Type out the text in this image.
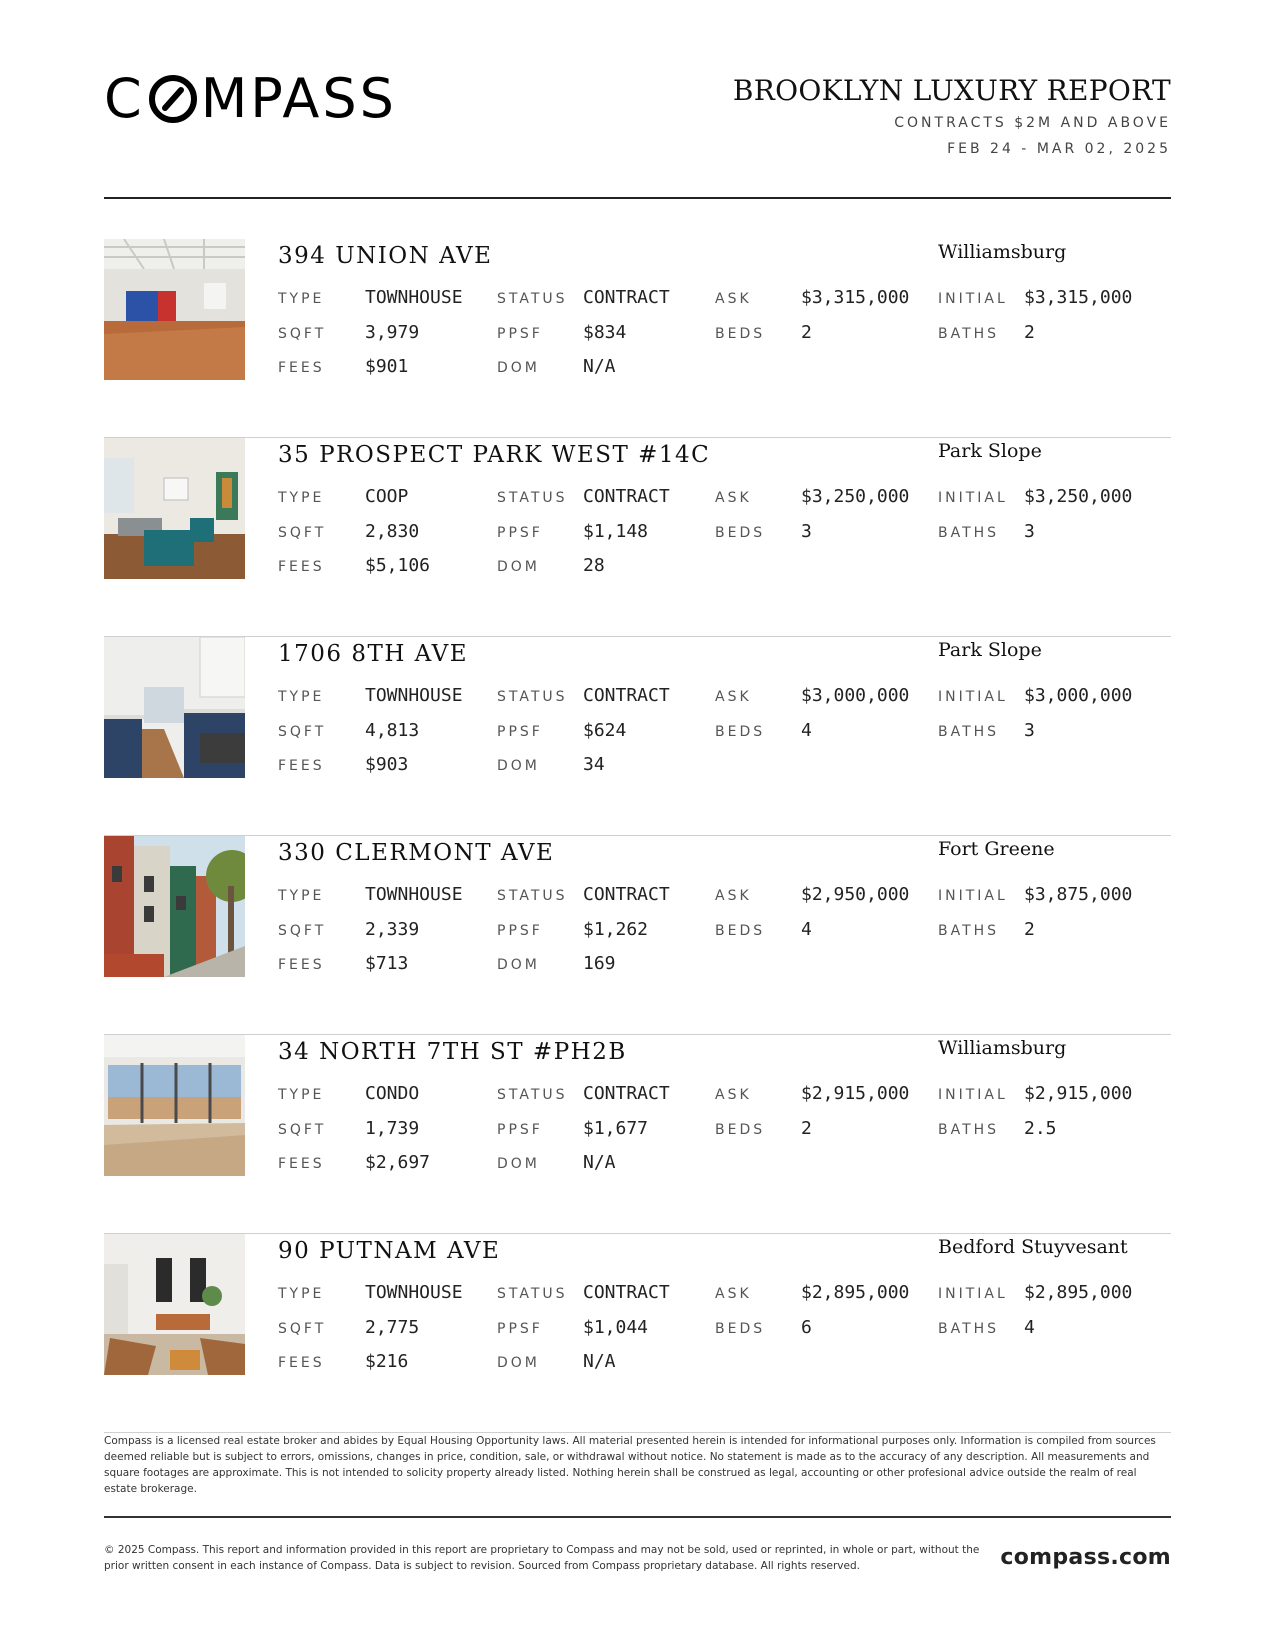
C MPASS	BROOKLYN LUXURY REPORT
CONTRACTS $2M AND ABOVE
FEB 24 - MAR 02, 2025
394 UNION AVE	Williamsburg
TYPE TOWNHOUSE STATUS CONTRACT	ASK	$3,315,000 INITIAL $3,315,000
SQFT 3,979	PPSF $834	BEDS 2	BATHS 2
FEES $901	DOM N/A
35 PROSPECT PARK WEST #14C	Park Slope
TYPE COOP	STATUS CONTRACT	ASK	$3,250,000 INITIAL $3,250,000
SQFT 2,830	PPSF $1,148	BEDS 3	BATHS 3
FEES $5,106	DOM 28
1706 8TH AVE	Park Slope
TYPE TOWNHOUSE STATUS CONTRACT	ASK	$3,000,000 INITIAL $3,000,000
SQFT 4,813	PPSF $624	BEDS 4	BATHS 3
FEES $903	DOM 34
330 CLERMONT AVE	Fort Greene
TYPE TOWNHOUSE STATUS CONTRACT	ASK	$2,950,000 INITIAL $3,875,000
SQFT 2,339	PPSF $1,262	BEDS 4	BATHS 2
FEES $713	DOM 169
34 NORTH 7TH ST #PH2B	Williamsburg
TYPE CONDO	STATUS CONTRACT	ASK	$2,915,000 INITIAL $2,915,000
SQFT 1,739	PPSF $1,677	BEDS 2	BATHS 2.5
FEES $2,697	DOM N/A
90 PUTNAM AVE	Bedford Stuyvesant
TYPE TOWNHOUSE STATUS CONTRACT	ASK	$2,895,000 INITIAL $2,895,000
SQFT 2,775	PPSF $1,044	BEDS 6	BATHS 4
FEES $216	DOM N/A
Compass is a licensed real estate broker and abides by Equal Housing Opportunity laws. All material presented herein is intended for informational purposes only. Information is compiled from sources deemed reliable but is subject to errors, omissions, changes in price, condition, sale, or withdrawal without notice. No statement is made as to the accuracy of any description. All measurements and square footages are approximate. This is not intended to solicity property already listed. Nothing herein shall be construed as legal, accounting or other profesional advice outside the realm of real estate brokerage.
© 2025 Compass. This report and information provided in this report are proprietary to Compass and may not be sold, used or reprinted, in whole or part, without the prior written consent in each instance of Compass. Data is subject to revision. Sourced from Compass proprietary database. All rights reserved.	compass.com
